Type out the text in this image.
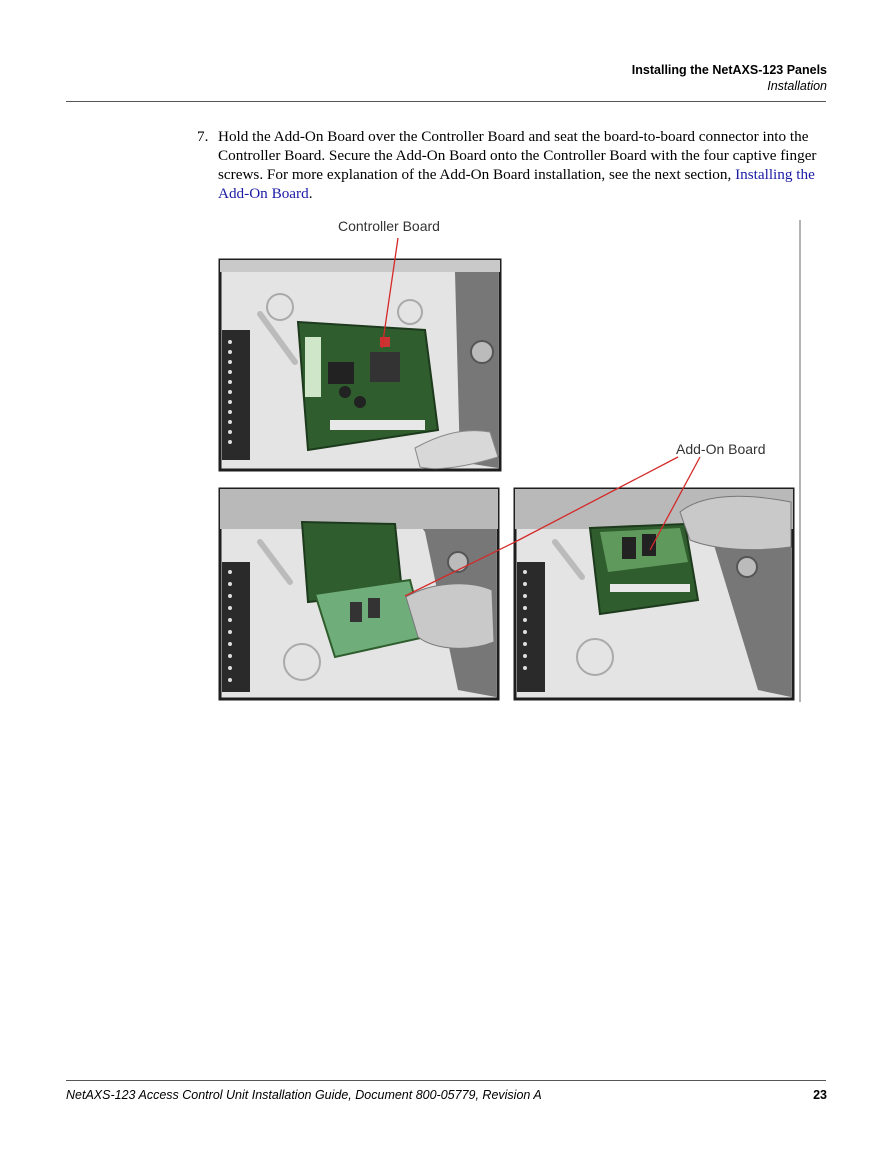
Installing the NetAXS-123 Panels
Installation
7. Hold the Add-On Board over the Controller Board and seat the board-to-board connector into the Controller Board. Secure the Add-On Board onto the Controller Board with the four captive finger screws. For more explanation of the Add-On Board installation, see the next section, Installing the Add-On Board.
Controller Board
Add-On Board
NetAXS-123 Access Control Unit Installation Guide, Document 800-05779, Revision A	23
